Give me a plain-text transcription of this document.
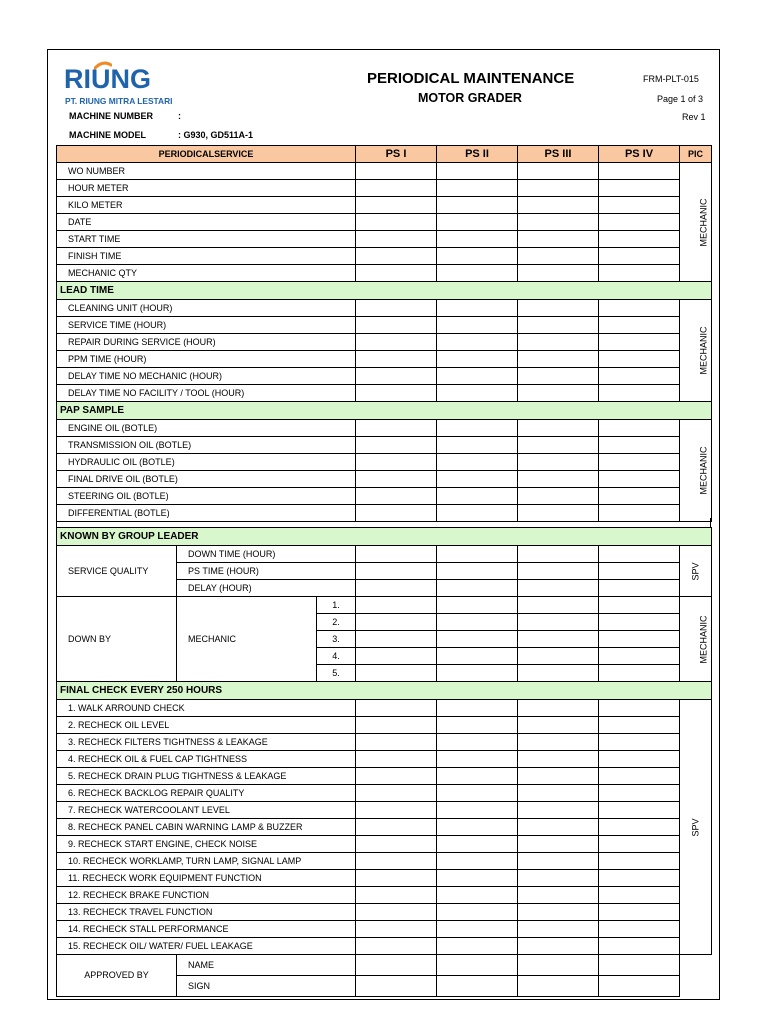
RIUNG
PT. RIUNG MITRA LESTARI
PERIODICAL MAINTENANCE
MOTOR GRADER
FRM-PLT-015
Page 1 of 3
Rev 1
MACHINE NUMBER	:
MACHINE MODEL	: G930, GD511A-1
PERIODICALSERVICE	PS I	PS II	PS III	PS IV	PIC
WO NUMBER					MECHANIC
HOUR METER					
KILO METER					
DATE					
START TIME					
FINISH TIME					
MECHANIC QTY					
LEAD TIME					
CLEANING UNIT (HOUR)					MECHANIC
SERVICE TIME (HOUR)					
REPAIR DURING SERVICE (HOUR)					
PPM TIME (HOUR)					
DELAY TIME NO MECHANIC (HOUR)					
DELAY TIME NO FACILITY / TOOL (HOUR)					
PAP SAMPLE					
ENGINE OIL (BOTLE)					MECHANIC
TRANSMISSION OIL (BOTLE)					
HYDRAULIC OIL (BOTLE)					
FINAL DRIVE OIL (BOTLE)					
STEERING OIL (BOTLE)					
DIFFERENTIAL (BOTLE)					
KNOWN BY GROUP LEADER							
SERVICE QUALITY	DOWN TIME (HOUR)						SPV
	PS TIME (HOUR)						
	DELAY (HOUR)						
DOWN BY	MECHANIC	1.					MECHANIC
		2.					
		3.					
		4.					
		5.					
FINAL CHECK EVERY 250 HOURS							
1. WALK ARROUND CHECK							SPV
2. RECHECK OIL LEVEL							
3. RECHECK FILTERS TIGHTNESS & LEAKAGE							
4. RECHECK OIL & FUEL CAP TIGHTNESS							
5. RECHECK DRAIN PLUG TIGHTNESS & LEAKAGE							
6. RECHECK BACKLOG REPAIR QUALITY							
7. RECHECK WATERCOOLANT LEVEL							
8. RECHECK PANEL CABIN WARNING LAMP & BUZZER							
9. RECHECK START ENGINE, CHECK NOISE							
10. RECHECK WORKLAMP, TURN LAMP, SIGNAL LAMP							
11. RECHECK WORK EQUIPMENT FUNCTION							
12. RECHECK BRAKE FUNCTION							
13. RECHECK TRAVEL FUNCTION							
14. RECHECK STALL PERFORMANCE							
15. RECHECK OIL/ WATER/ FUEL LEAKAGE							
APPROVED BY	NAME						
	SIGN						
